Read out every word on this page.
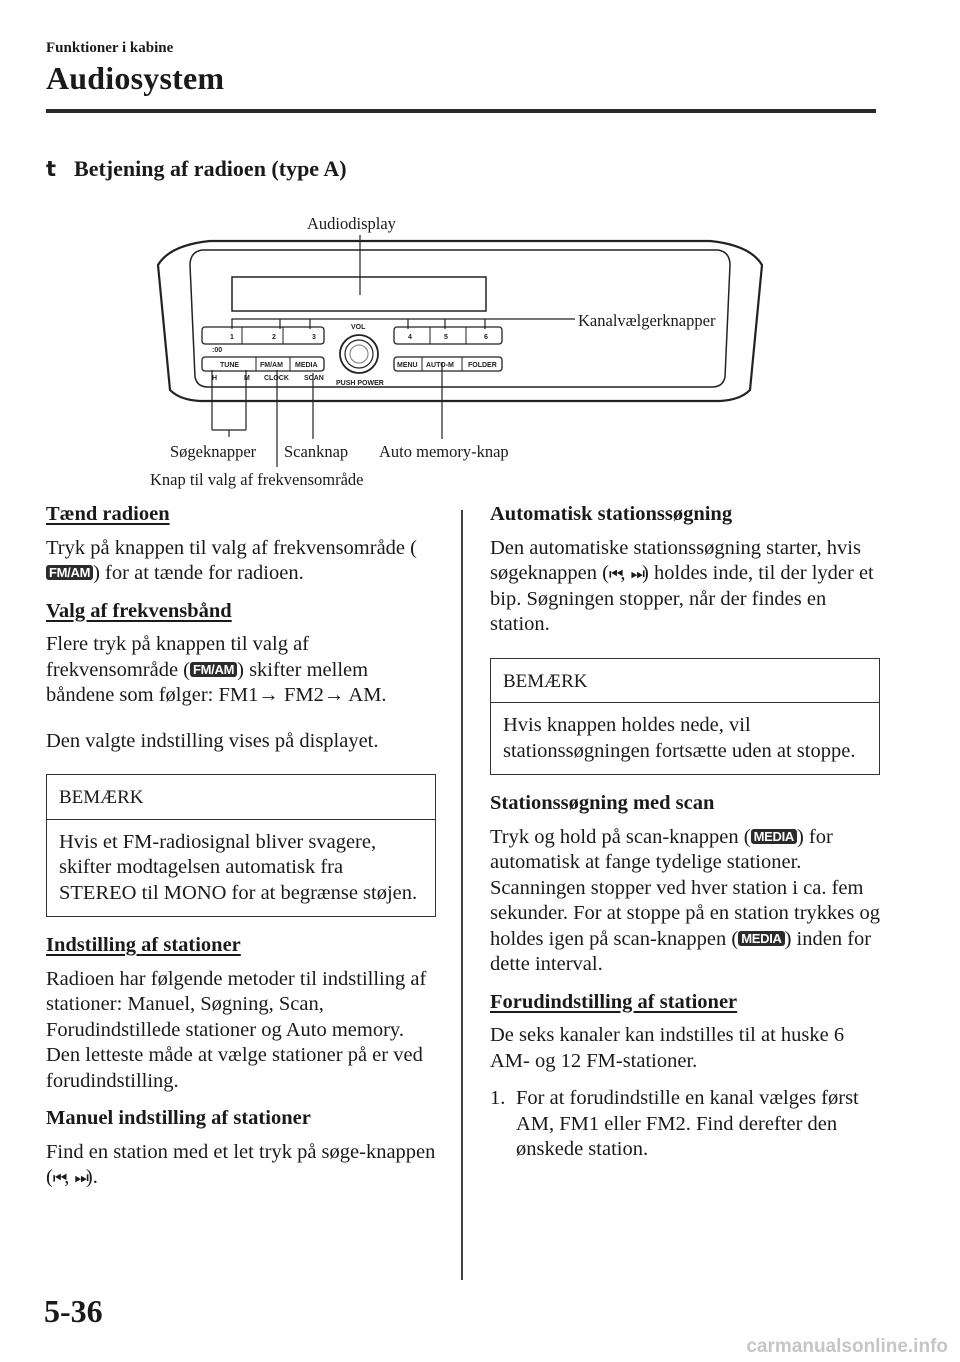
Funktioner i kabine
Audiosystem
t Betjening af radioen (type A)
1	2	3
:00
4	5	6
VOL
PUSH POWER
TUNE	FM/AM MEDIA
H	M CLOCK SCAN
MENU AUTO-M FOLDER
Audiodisplay
Kanalvælgerknapper
Søgeknapper Scanknap Auto memory-knap
Knap til valg af frekvensområde
Tænd radioen

Tryk på knappen til valg af frekvensområde (FM/AM ) for at tænde for radioen.

Valg af frekvensbånd

Flere tryk på knappen til valg af frekvensområde ( FM/AM ) skifter mellem båndene som følger: FM1→ FM2→ AM.

Den valgte indstilling vises på displayet.

BEMÆRK
Hvis et FM-radiosignal bliver svagere, skifter modtagelsen automatisk fra STEREO til MONO for at begrænse støjen.
Indstilling af stationer

Radioen har følgende metoder til indstilling af stationer: Manuel, Søgning, Scan, Forudindstillede stationer og Auto memory. Den letteste måde at vælge stationer på er ved forudindstilling.

Manuel indstilling af stationer

Find en station med et let tryk på søge-knappen (⏮, ⏭).

Automatisk stationssøgning

Den automatiske stationssøgning starter, hvis søgeknappen (⏮, ⏭) holdes inde, til der lyder et bip. Søgningen stopper, når der findes en station.

BEMÆRK
Hvis knappen holdes nede, vil stationssøgningen fortsætte uden at stoppe.
Stationssøgning med scan

Tryk og hold på scan-knappen ( MEDIA ) for automatisk at fange tydelige stationer. Scanningen stopper ved hver station i ca. fem sekunder. For at stoppe på en station trykkes og holdes igen på scan-knappen ( MEDIA ) inden for dette interval.

Forudindstilling af stationer

De seks kanaler kan indstilles til at huske 6 AM- og 12 FM-stationer.

1. For at forudindstille en kanal vælges først AM, FM1 eller FM2. Find derefter den ønskede station.
5-36
carmanualsonline.info
